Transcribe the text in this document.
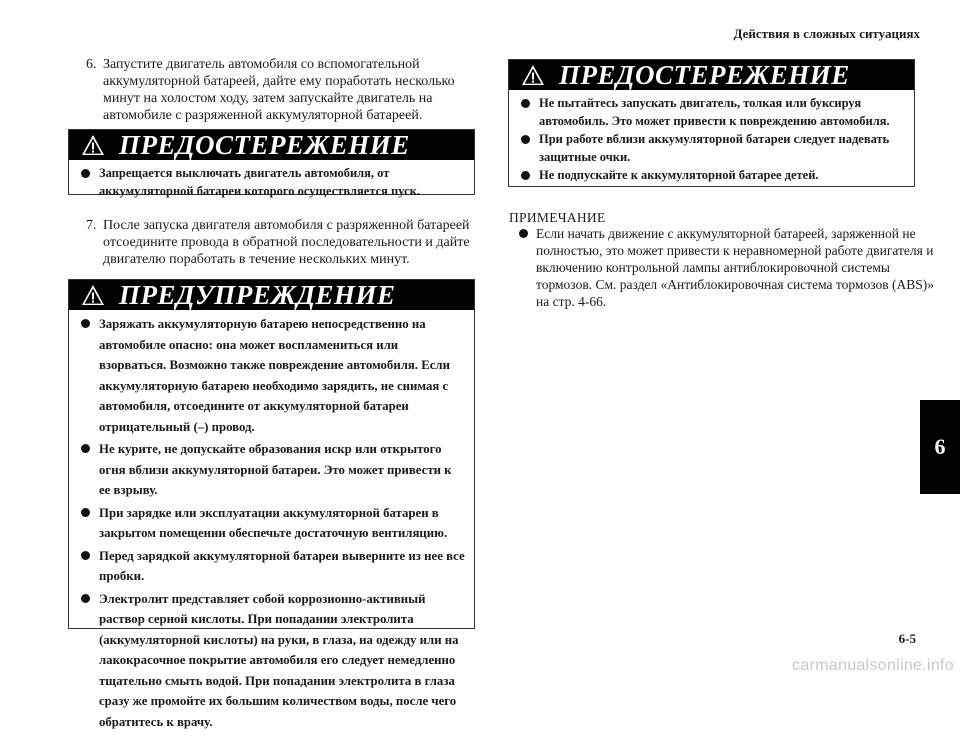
Действия в сложных ситуациях
6. Запустите двигатель автомобиля со вспомогательной аккумуляторной батареей, дайте ему поработать несколько минут на холостом ходу, затем запускайте двигатель на автомобиле с разряженной аккумуляторной батареей.
ПРЕДОСТЕРЕЖЕНИЕ
Запрещается выключать двигатель автомобиля, от аккумуляторной батареи которого осуществляется пуск.
7. После запуска двигателя автомобиля с разряженной батареей отсоедините провода в обратной последовательности и дайте двигателю поработать в течение нескольких минут.
ПРЕДУПРЕЖДЕНИЕ
Заряжать аккумуляторную батарею непосредственно на автомобиле опасно: она может воспламениться или взорваться. Возможно также повреждение автомобиля. Если аккумуляторную батарею необходимо зарядить, не снимая с автомобиля, отсоедините от аккумуляторной батареи отрицательный (–) провод.
Не курите, не допускайте образования искр или открытого огня вблизи аккумуляторной батареи. Это может привести к ее взрыву.
При зарядке или эксплуатации аккумуляторной батареи в закрытом помещении обеспечьте достаточную вентиляцию.
Перед зарядкой аккумуляторной батареи выверните из нее все пробки.
Электролит представляет собой коррозионно-активный раствор серной кислоты. При попадании электролита (аккумуляторной кислоты) на руки, в глаза, на одежду или на лакокрасочное покрытие автомобиля его следует немедленно тщательно смыть водой. При попадании электролита в глаза сразу же промойте их большим количеством воды, после чего обратитесь к врачу.
ПРЕДОСТЕРЕЖЕНИЕ
Не пытайтесь запускать двигатель, толкая или буксируя автомобиль. Это может привести к повреждению автомобиля.
При работе вблизи аккумуляторной батареи следует надевать защитные очки.
Не подпускайте к аккумуляторной батарее детей.
ПРИМЕЧАНИЕ
Если начать движение с аккумуляторной батареей, заряженной не полностью, это может привести к неравномерной работе двигателя и включению контрольной лампы антиблокировочной системы тормозов. См. раздел «Антиблокировочная система тормозов (ABS)» на стр. 4-66.
6
6-5
carmanualsonline.info
